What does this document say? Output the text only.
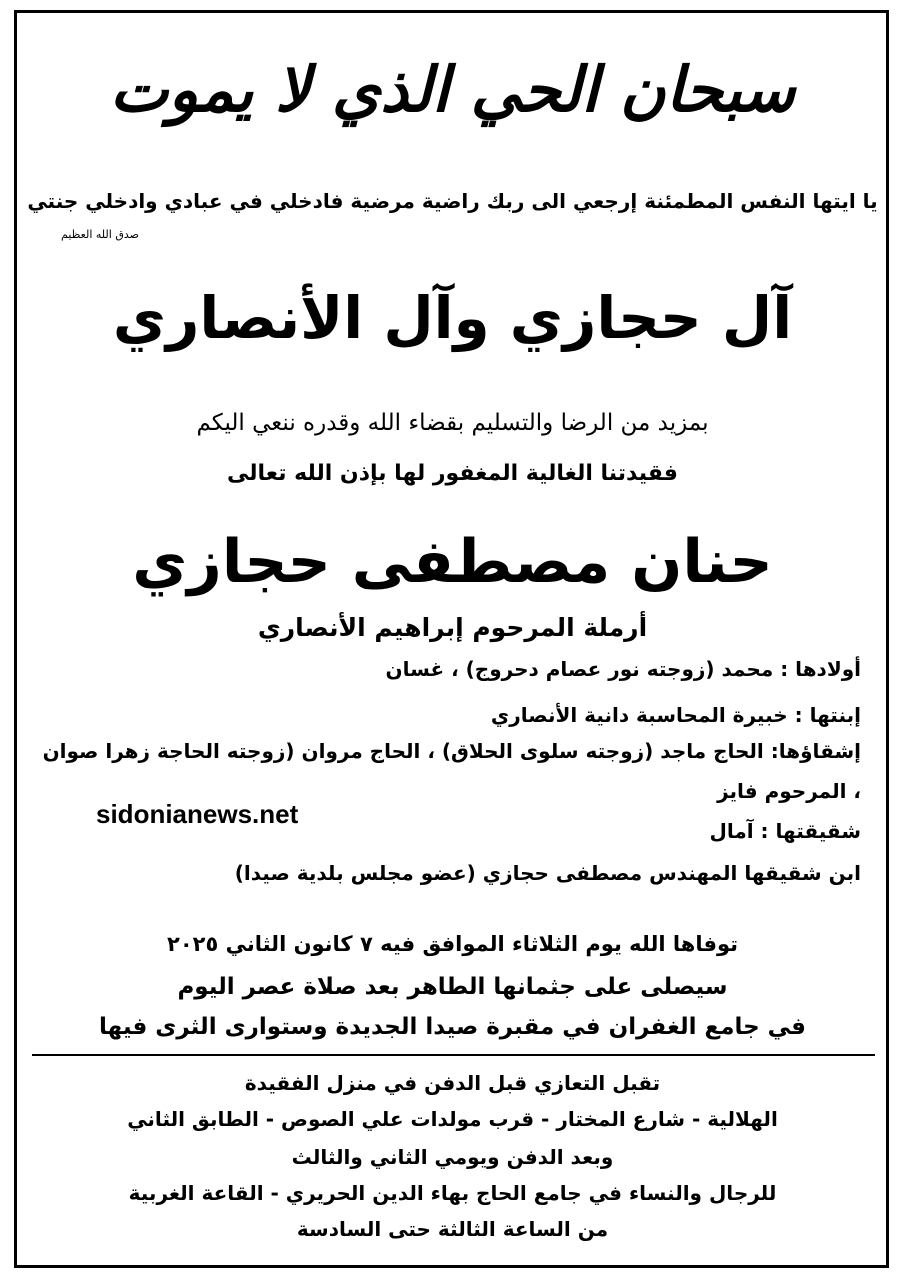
سبحان الحي الذي لا يموت
يا ايتها النفس المطمئنة إرجعي الى ربك راضية مرضية فادخلي في عبادي وادخلي جنتي
صدق الله العظيم
آل حجازي وآل الأنصاري
بمزيد من الرضا والتسليم بقضاء الله وقدره ننعي اليكم
فقيدتنا الغالية المغفور لها بإذن الله تعالى
حنان مصطفى حجازي
أرملة المرحوم إبراهيم الأنصاري
أولادها : محمد (زوجته نور عصام دحروج) ، غسان
إبنتها : خبيرة المحاسبة دانية الأنصاري
إشقاؤها: الحاج ماجد (زوجته سلوى الحلاق) ، الحاج مروان (زوجته الحاجة زهرا صوان
، المرحوم فايز
شقيقتها : آمال
ابن شقيقها المهندس مصطفى حجازي (عضو مجلس بلدية صيدا)
sidonianews.net
توفاها الله يوم الثلاثاء الموافق فيه ٧ كانون الثاني ٢٠٢٥
سيصلى على جثمانها الطاهر بعد صلاة عصر اليوم
في جامع الغفران في مقبرة صيدا الجديدة وستوارى الثرى فيها
تقبل التعازي قبل الدفن في منزل الفقيدة
الهلالية - شارع المختار - قرب مولدات علي الصوص - الطابق الثاني
وبعد الدفن ويومي الثاني والثالث
للرجال والنساء في جامع الحاج بهاء الدين الحريري - القاعة الغربية
من الساعة الثالثة حتى السادسة
